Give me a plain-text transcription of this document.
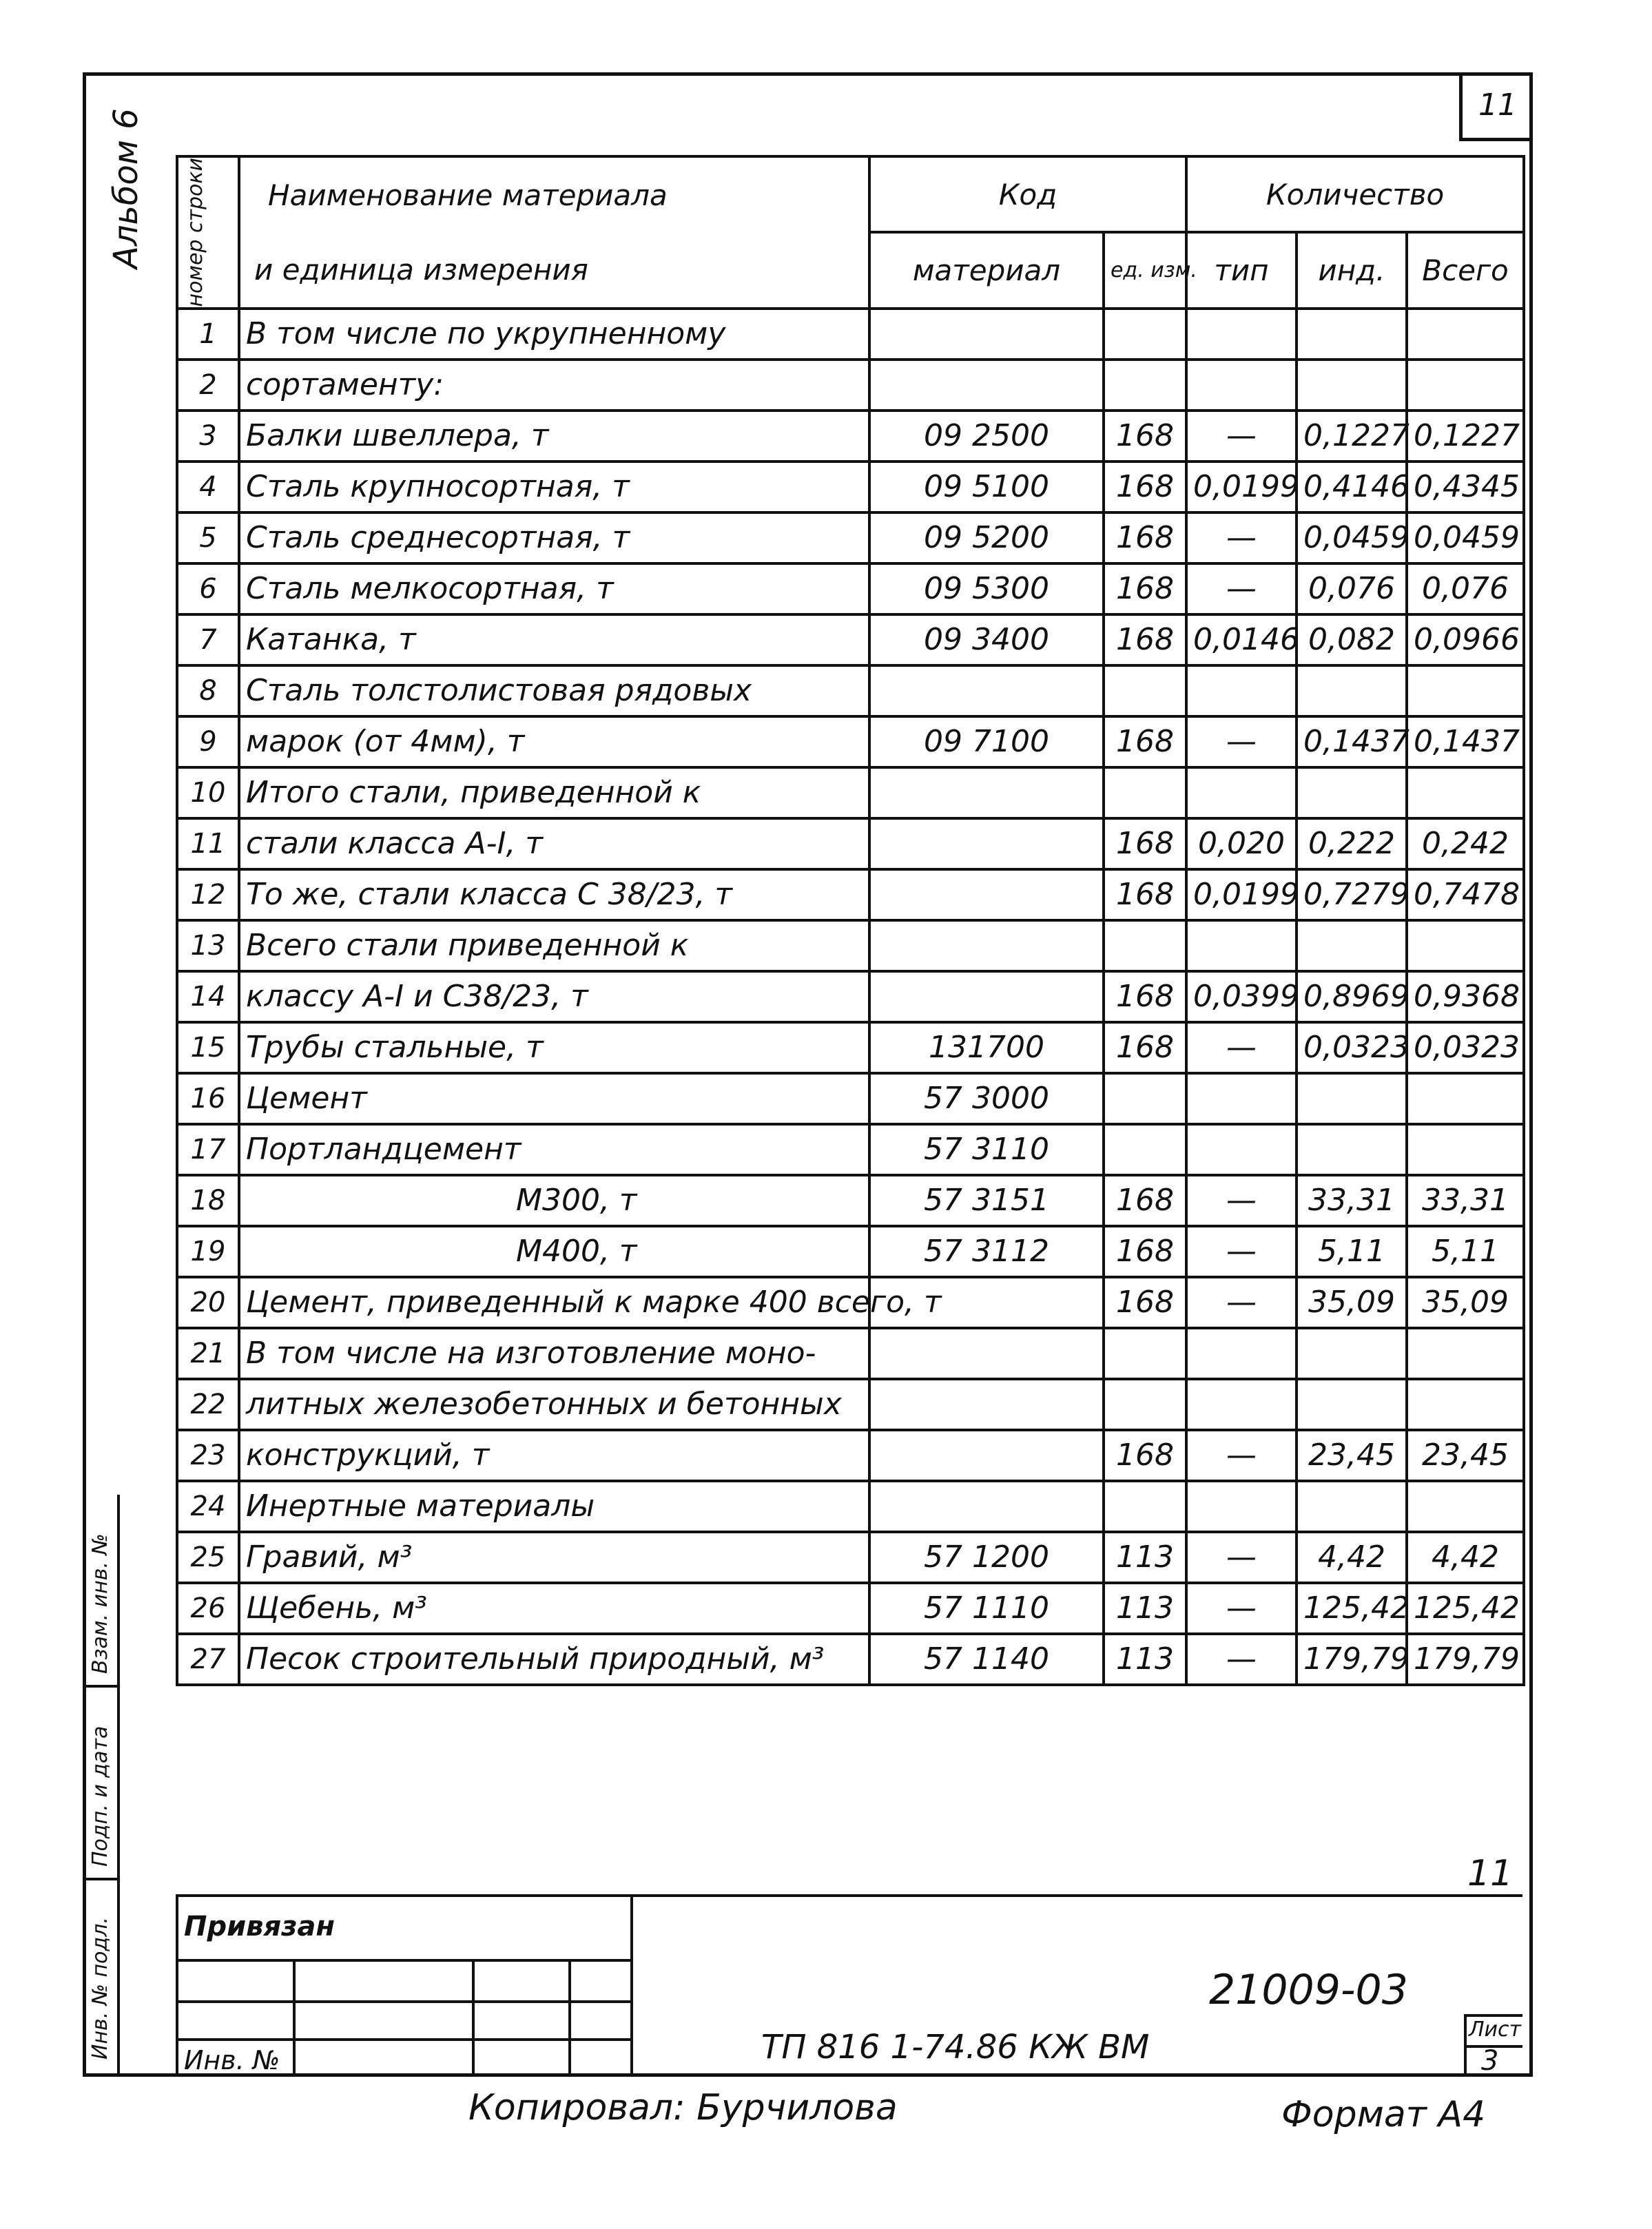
11
Альбом 6 номер строки	Наименование материала	Код		Количество		
	и единица измерения	материал	ед. изм.	тип	инд.	Всего
1	В том числе по укрупненному					
2	сортаменту:					
3	Балки швеллера, т	09 2500	168	—	0,1227	0,1227
4	Сталь крупносортная, т	09 5100	168	0,0199	0,4146	0,4345
5	Сталь среднесортная, т	09 5200	168	—	0,0459	0,0459
6	Сталь мелкосортная, т	09 5300	168	—	0,076	0,076
7	Катанка, т	09 3400	168	0,0146	0,082	0,0966
8	Сталь толстолистовая рядовых					
9	марок (от 4мм), т	09 7100	168	—	0,1437	0,1437
10	Итого стали, приведенной к					
11	стали класса А-I, т		168	0,020	0,222	0,242
12	То же, стали класса С 38/23, т		168	0,0199	0,7279	0,7478
13	Всего стали приведенной к					
14	классу А-I и С38/23, т		168	0,0399	0,8969	0,9368
15	Трубы стальные, т	131700	168	—	0,0323	0,0323
16	Цемент	57 3000				
17	Портландцемент	57 3110				
18	М300, т	57 3151	168	—	33,31	33,31
19	М400, т	57 3112	168	—	5,11	5,11
20	Цемент, приведенный к марке 400 всего, т		168	—	35,09	35,09
21	В том числе на изготовление моно-					
22	литных железобетонных и бетонных					
23	конструкций, т		168	—	23,45	23,45
24	Инертные материалы					
25	Гравий, м³	57 1200	113	—	4,42	4,42
26	Щебень, м³	57 1110	113	—	125,42	125,42
27	Песок строительный природный, м³	57 1140	113	—	179,79	179,79
11
Взам. инв. №
Подп. и дата
Инв. № подл.	Привязан
Инв. №
21009-03
ТП 816 1-74.86 КЖ ВМ	Лист
3
Копировал: Бурчилова	Формат А4
